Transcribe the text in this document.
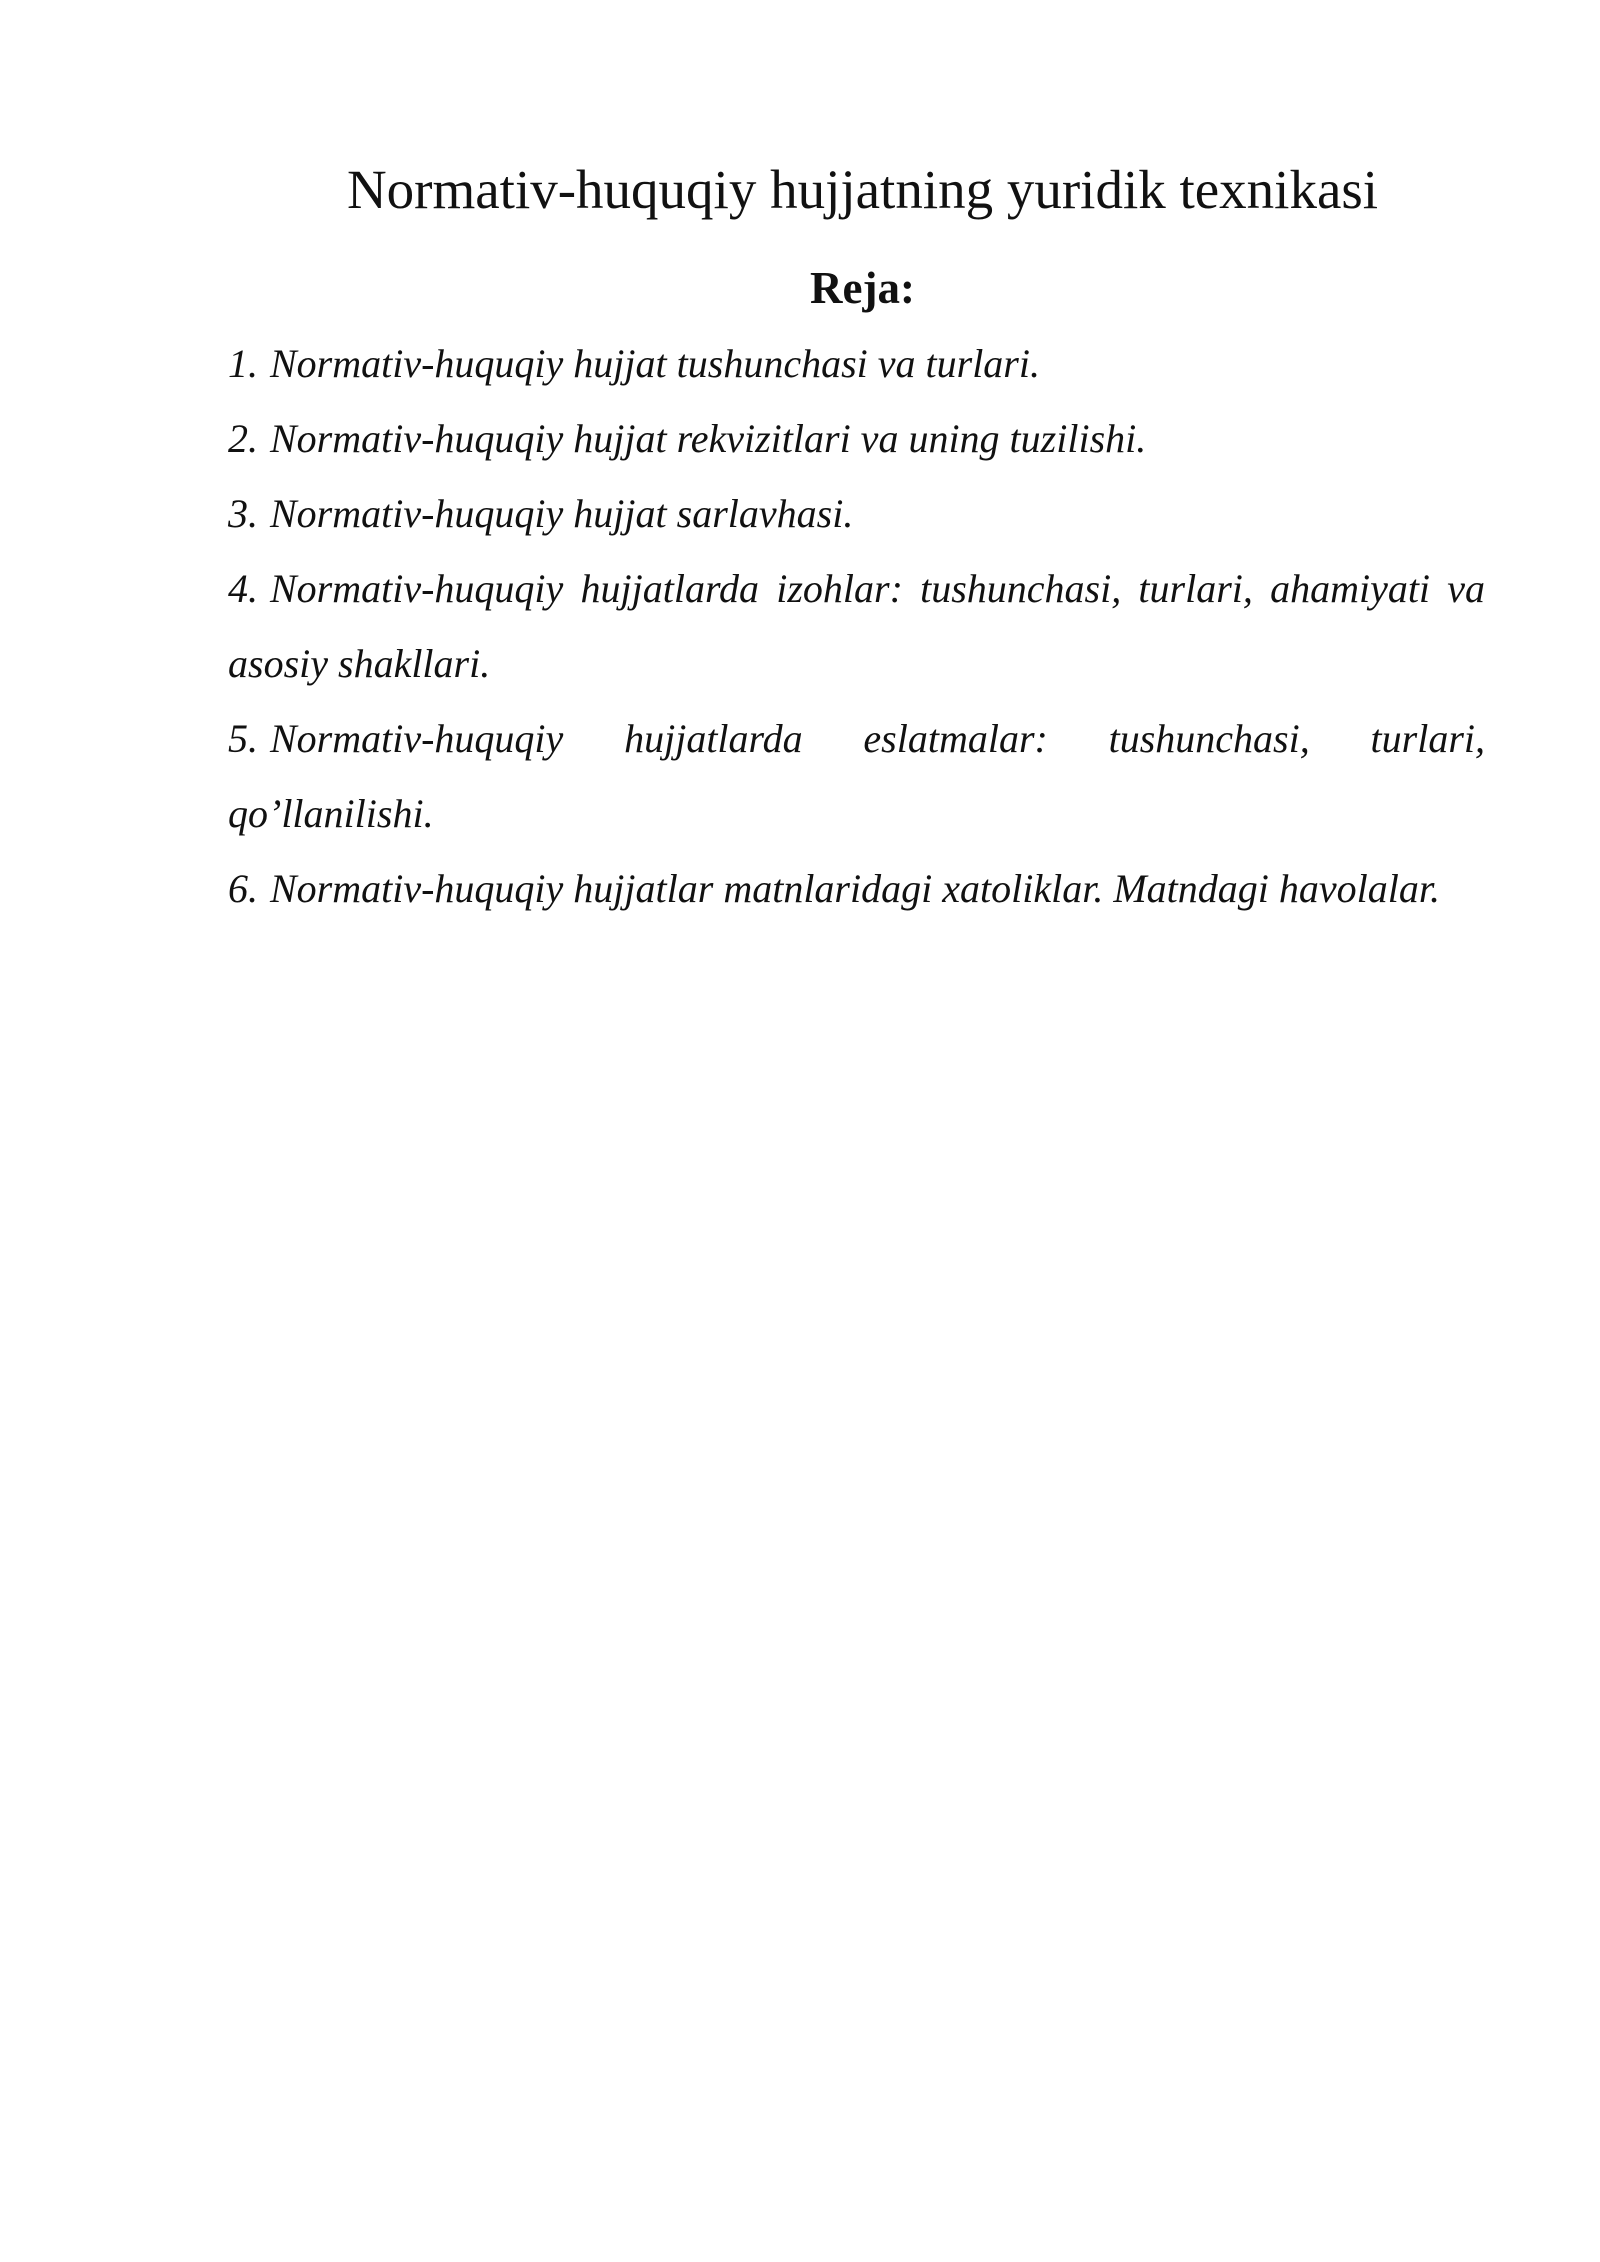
Normativ-huquqiy hujjatning yuridik texnikasi
Reja:
1. Normativ-huquqiy hujjat tushunchasi va turlari.
2. Normativ-huquqiy hujjat rekvizitlari va uning tuzilishi.
3. Normativ-huquqiy hujjat sarlavhasi.
4. Normativ-huquqiy hujjatlarda izohlar: tushunchasi, turlari, ahamiyati va asosiy shakllari.
5. Normativ-huquqiy hujjatlarda eslatmalar: tushunchasi, turlari, qo’llanilishi.
6. Normativ-huquqiy hujjatlar matnlaridagi xatoliklar. Matndagi havolalar.
